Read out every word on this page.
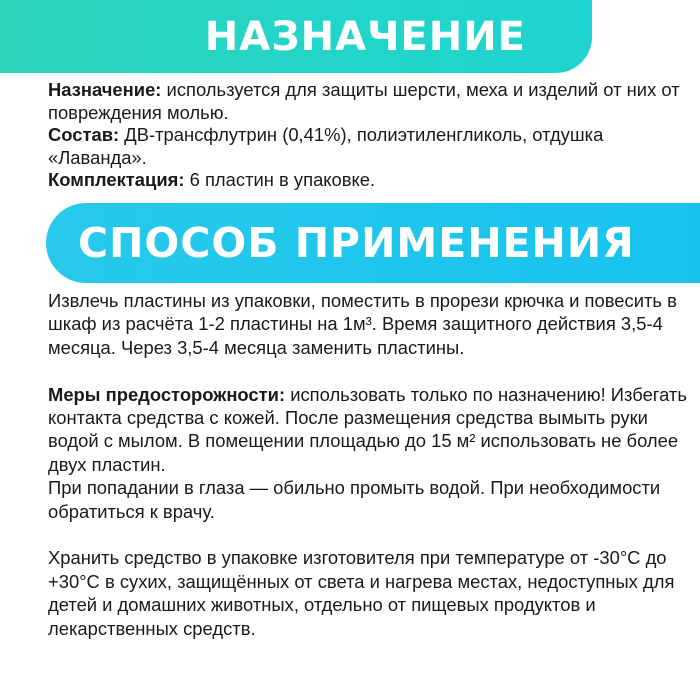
НАЗНАЧЕНИЕ

Назначение: используется для защиты шерсти, меха и изделий от них от повреждения молью.

Состав: ДВ-трансфлутрин (0,41%), полиэтиленгликоль, отдушка «Лаванда».

Комплектация: 6 пластин в упаковке.

СПОСОБ ПРИМЕНЕНИЯ

Извлечь пластины из упаковки, поместить в прорези крючка и повесить в шкаф из расчёта 1-2 пластины на 1м³. Время защитного действия 3,5-4 месяца. Через 3,5-4 месяца заменить пластины.

Меры предосторожности: использовать только по назначению! Избегать контакта средства с кожей. После размещения средства вымыть руки водой с мылом. В помещении площадью до 15 м² использовать не более двух пластин.

При попадании в глаза — обильно промыть водой. При необходимости обратиться к врачу.

Хранить средство в упаковке изготовителя при температуре от -30°C до +30°C в сухих, защищённых от света и нагрева местах, недоступных для детей и домашних животных, отдельно от пищевых продуктов и лекарственных средств.
